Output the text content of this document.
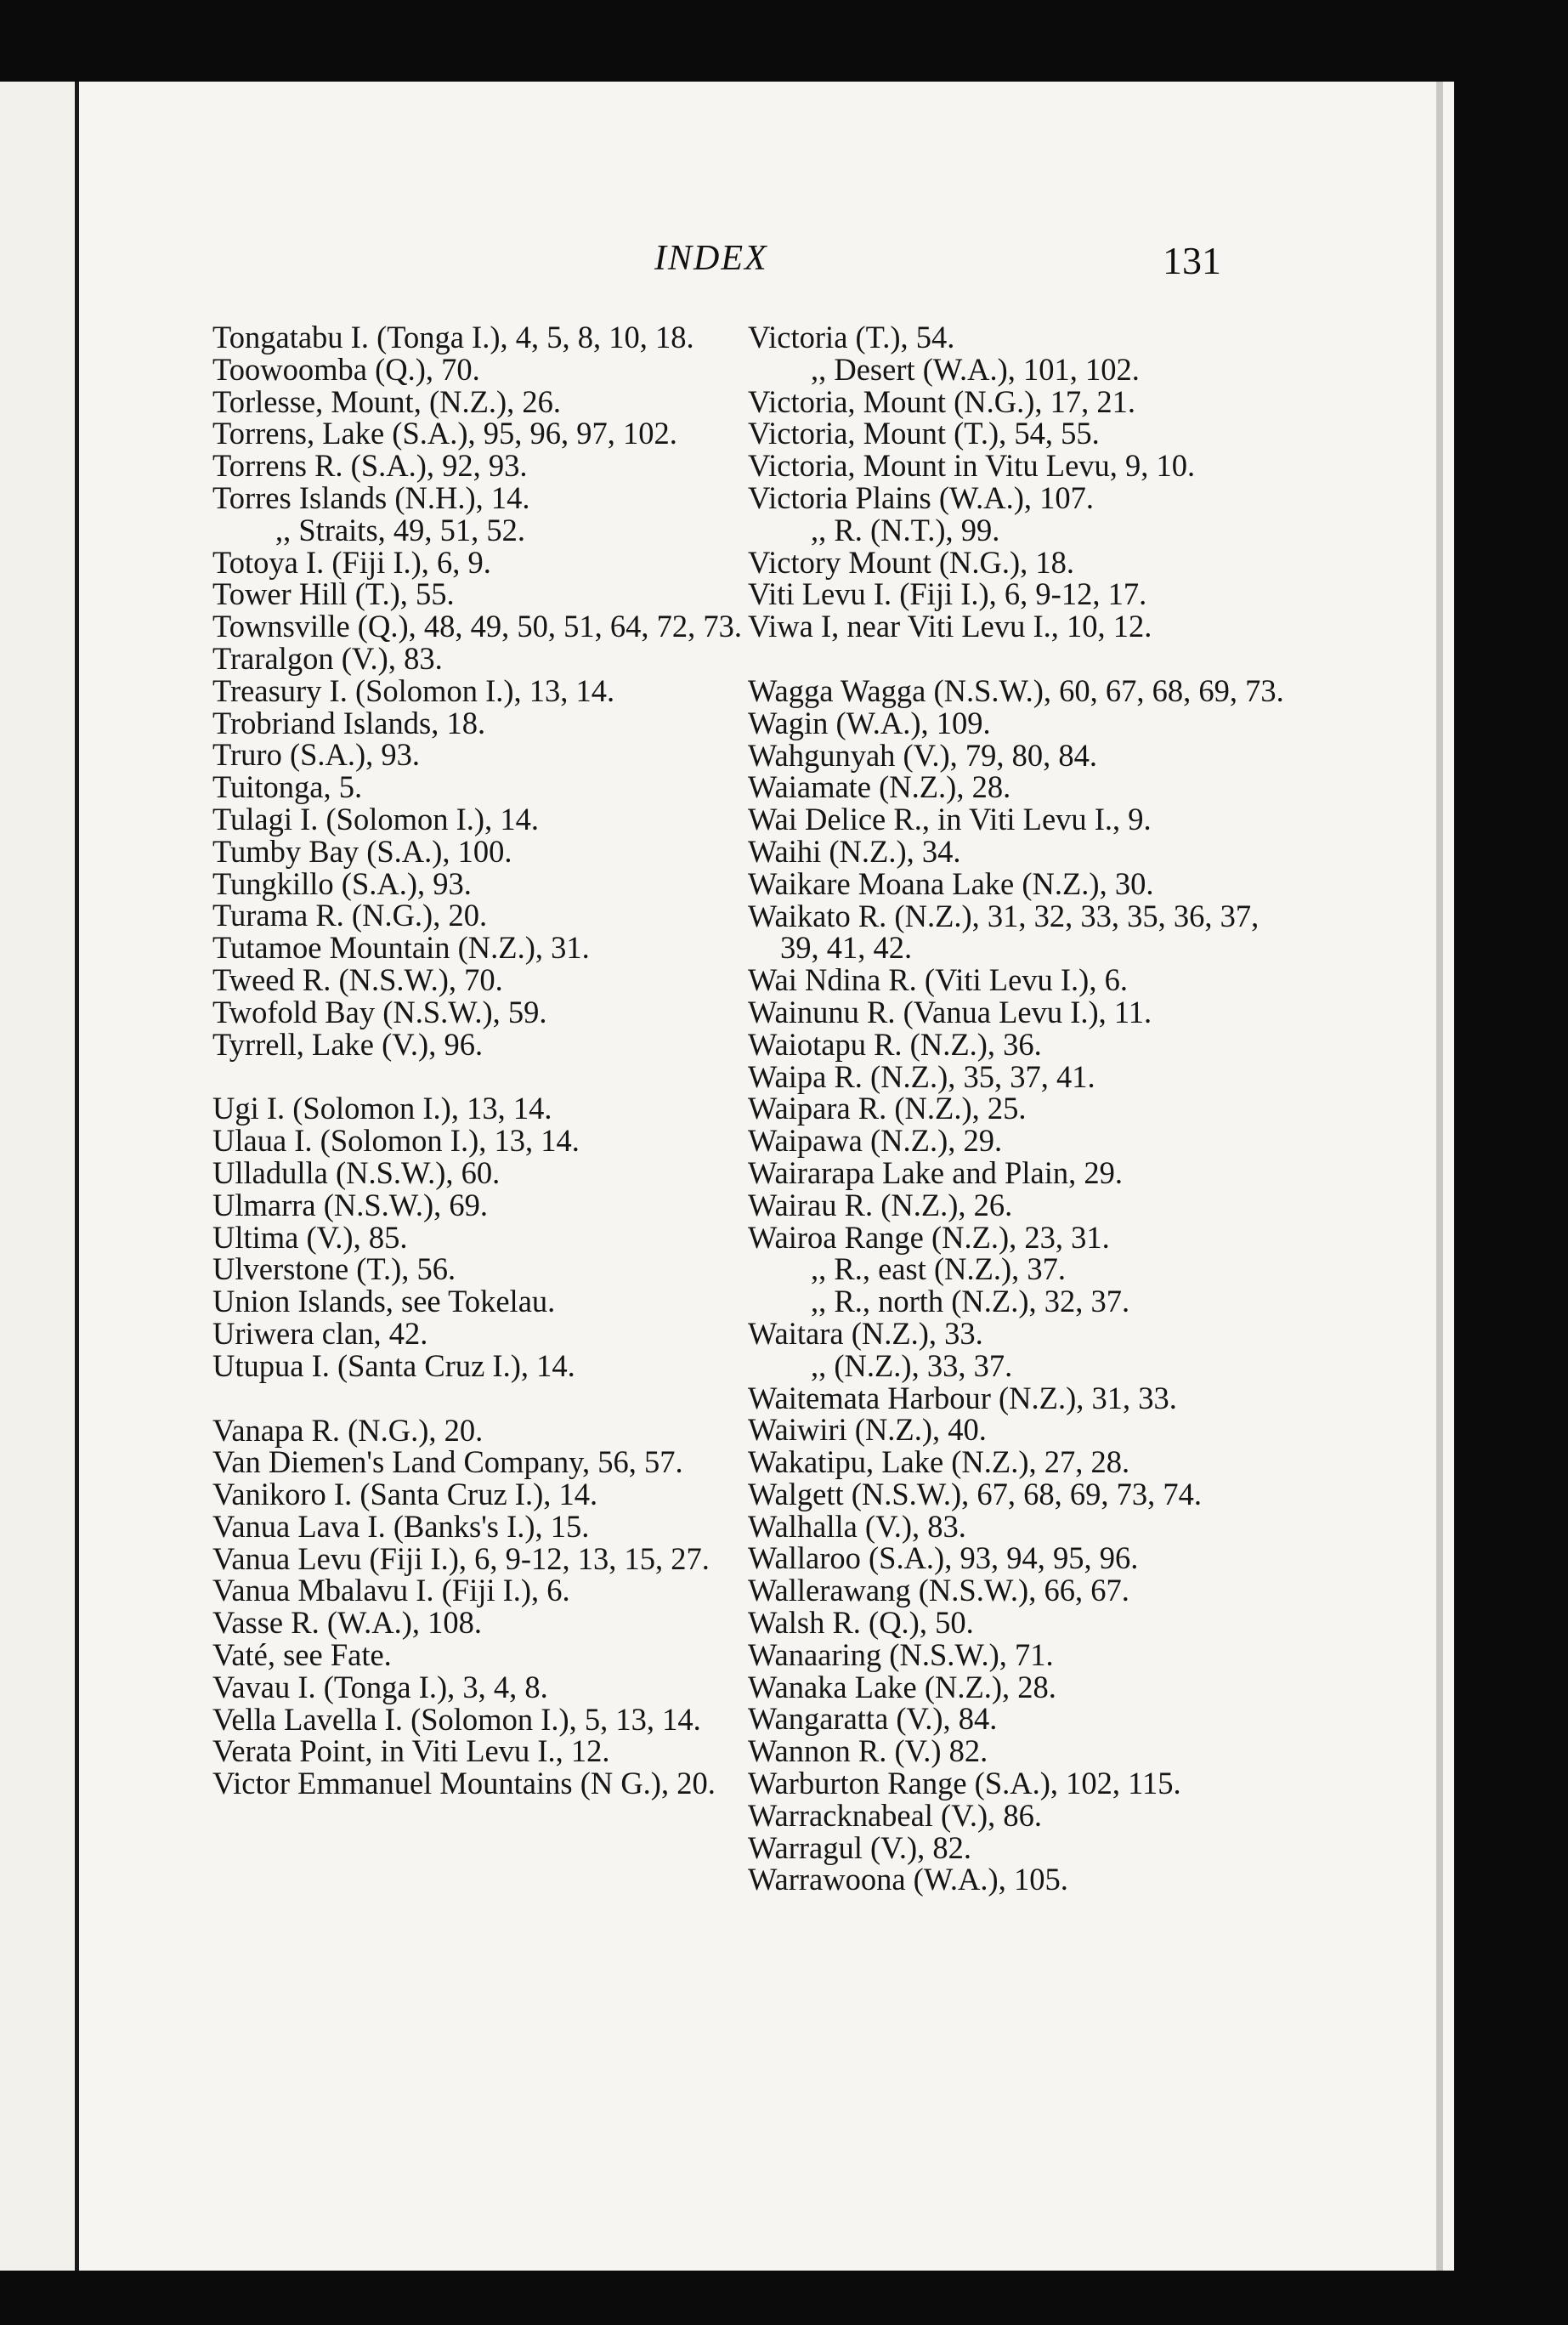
INDEX	131
Tongatabu I. (Tonga I.), 4, 5, 8, 10, 18.
Toowoomba (Q.), 70.
Torlesse, Mount, (N.Z.), 26.
Torrens, Lake (S.A.), 95, 96, 97, 102.
Torrens R. (S.A.), 92, 93.
Torres Islands (N.H.), 14.
,, Straits, 49, 51, 52.
Totoya I. (Fiji I.), 6, 9.
Tower Hill (T.), 55.
Townsville (Q.), 48, 49, 50, 51, 64, 72, 73.
Traralgon (V.), 83.
Treasury I. (Solomon I.), 13, 14.
Trobriand Islands, 18.
Truro (S.A.), 93.
Tuitonga, 5.
Tulagi I. (Solomon I.), 14.
Tumby Bay (S.A.), 100.
Tungkillo (S.A.), 93.
Turama R. (N.G.), 20.
Tutamoe Mountain (N.Z.), 31.
Tweed R. (N.S.W.), 70.
Twofold Bay (N.S.W.), 59.
Tyrrell, Lake (V.), 96.
Ugi I. (Solomon I.), 13, 14.
Ulaua I. (Solomon I.), 13, 14.
Ulladulla (N.S.W.), 60.
Ulmarra (N.S.W.), 69.
Ultima (V.), 85.
Ulverstone (T.), 56.
Union Islands, see Tokelau.
Uriwera clan, 42.
Utupua I. (Santa Cruz I.), 14.
Vanapa R. (N.G.), 20.
Van Diemen's Land Company, 56, 57.
Vanikoro I. (Santa Cruz I.), 14.
Vanua Lava I. (Banks's I.), 15.
Vanua Levu (Fiji I.), 6, 9-12, 13, 15, 27.
Vanua Mbalavu I. (Fiji I.), 6.
Vasse R. (W.A.), 108.
Vaté, see Fate.
Vavau I. (Tonga I.), 3, 4, 8.
Vella Lavella I. (Solomon I.), 5, 13, 14.
Verata Point, in Viti Levu I., 12.
Victor Emmanuel Mountains (N G.), 20.
Victoria (T.), 54.
,, Desert (W.A.), 101, 102.
Victoria, Mount (N.G.), 17, 21.
Victoria, Mount (T.), 54, 55.
Victoria, Mount in Vitu Levu, 9, 10.
Victoria Plains (W.A.), 107.
,, R. (N.T.), 99.
Victory Mount (N.G.), 18.
Viti Levu I. (Fiji I.), 6, 9-12, 17.
Viwa I, near Viti Levu I., 10, 12.
Wagga Wagga (N.S.W.), 60, 67, 68, 69, 73.
Wagin (W.A.), 109.
Wahgunyah (V.), 79, 80, 84.
Waiamate (N.Z.), 28.
Wai Delice R., in Viti Levu I., 9.
Waihi (N.Z.), 34.
Waikare Moana Lake (N.Z.), 30.
Waikato R. (N.Z.), 31, 32, 33, 35, 36, 37, 39, 41, 42.
Wai Ndina R. (Viti Levu I.), 6.
Wainunu R. (Vanua Levu I.), 11.
Waiotapu R. (N.Z.), 36.
Waipa R. (N.Z.), 35, 37, 41.
Waipara R. (N.Z.), 25.
Waipawa (N.Z.), 29.
Wairarapa Lake and Plain, 29.
Wairau R. (N.Z.), 26.
Wairoa Range (N.Z.), 23, 31.
,, R., east (N.Z.), 37.
,, R., north (N.Z.), 32, 37.
Waitara (N.Z.), 33.
,, (N.Z.), 33, 37.
Waitemata Harbour (N.Z.), 31, 33.
Waiwiri (N.Z.), 40.
Wakatipu, Lake (N.Z.), 27, 28.
Walgett (N.S.W.), 67, 68, 69, 73, 74.
Walhalla (V.), 83.
Wallaroo (S.A.), 93, 94, 95, 96.
Wallerawang (N.S.W.), 66, 67.
Walsh R. (Q.), 50.
Wanaaring (N.S.W.), 71.
Wanaka Lake (N.Z.), 28.
Wangaratta (V.), 84.
Wannon R. (V.) 82.
Warburton Range (S.A.), 102, 115.
Warracknabeal (V.), 86.
Warragul (V.), 82.
Warrawoona (W.A.), 105.
